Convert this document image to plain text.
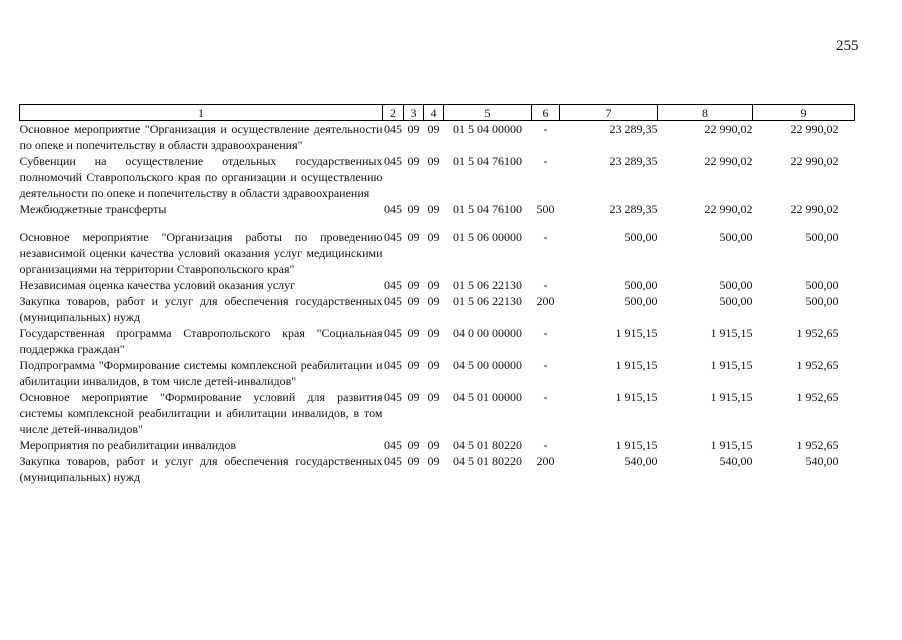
255
1	2	3	4	5	6	7	8	9
Основное мероприятие "Организация и осуществление деятельности по опеке и попечительству в области здравоохранения"	045	09	09	01 5 04 00000	-	23 289,35	22 990,02	22 990,02
Субвенции на осуществление отдельных государственных полномочий Ставропольского края по организации и осуществлению деятельности по опеке и попечительству в области здравоохранения	045	09	09	01 5 04 76100	-	23 289,35	22 990,02	22 990,02
Межбюджетные трансферты	045	09	09	01 5 04 76100	500	23 289,35	22 990,02	22 990,02
Основное мероприятие "Организация работы по проведению независимой оценки качества условий оказания услуг медицинскими организациями на территории Ставропольского края"	045	09	09	01 5 06 00000	-	500,00	500,00	500,00
Независимая оценка качества условий оказания услуг	045	09	09	01 5 06 22130	-	500,00	500,00	500,00
Закупка товаров, работ и услуг для обеспечения государственных (муниципальных) нужд	045	09	09	01 5 06 22130	200	500,00	500,00	500,00
Государственная программа Ставропольского края "Социальная поддержка граждан"	045	09	09	04 0 00 00000	-	1 915,15	1 915,15	1 952,65
Подпрограмма "Формирование системы комплексной реабилитации и абилитации инвалидов, в том числе детей-инвалидов"	045	09	09	04 5 00 00000	-	1 915,15	1 915,15	1 952,65
Основное мероприятие "Формирование условий для развития системы комплексной реабилитации и абилитации инвалидов, в том числе детей-инвалидов"	045	09	09	04 5 01 00000	-	1 915,15	1 915,15	1 952,65
Мероприятия по реабилитации инвалидов	045	09	09	04 5 01 80220	-	1 915,15	1 915,15	1 952,65
Закупка товаров, работ и услуг для обеспечения государственных (муниципальных) нужд	045	09	09	04 5 01 80220	200	540,00	540,00	540,00
